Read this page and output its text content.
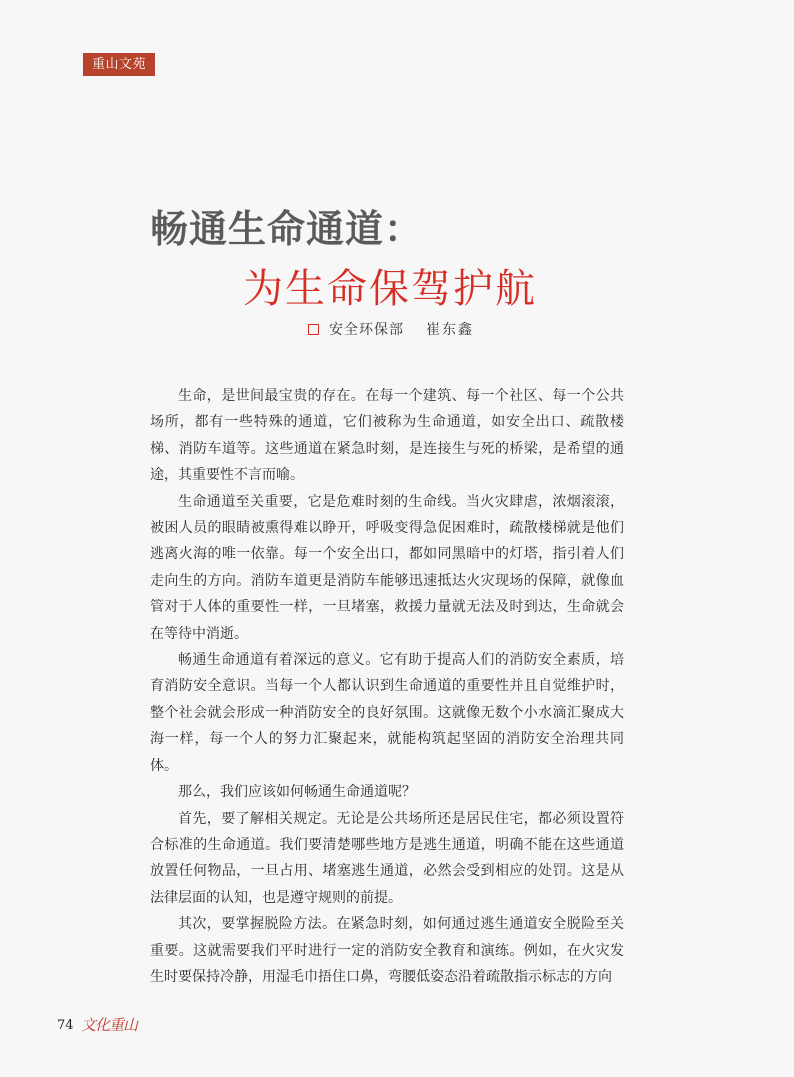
重山文苑
畅通生命通道：
为生命保驾护航
安全环保部 崔东鑫

生命，是世间最宝贵的存在。在每一个建筑、每一个社区、每一个公共场所，都有一些特殊的通道，它们被称为生命通道，如安全出口、疏散楼梯、消防车道等。这些通道在紧急时刻，是连接生与死的桥梁，是希望的通途，其重要性不言而喻。

生命通道至关重要，它是危难时刻的生命线。当火灾肆虐，浓烟滚滚，被困人员的眼睛被熏得难以睁开，呼吸变得急促困难时，疏散楼梯就是他们逃离火海的唯一依靠。每一个安全出口，都如同黑暗中的灯塔，指引着人们走向生的方向。消防车道更是消防车能够迅速抵达火灾现场的保障，就像血管对于人体的重要性一样，一旦堵塞，救援力量就无法及时到达，生命就会在等待中消逝。

畅通生命通道有着深远的意义。它有助于提高人们的消防安全素质，培育消防安全意识。当每一个人都认识到生命通道的重要性并且自觉维护时，整个社会就会形成一种消防安全的良好氛围。这就像无数个小水滴汇聚成大海一样，每一个人的努力汇聚起来，就能构筑起坚固的消防安全治理共同体。

那么，我们应该如何畅通生命通道呢？

首先，要了解相关规定。无论是公共场所还是居民住宅，都必须设置符合标准的生命通道。我们要清楚哪些地方是逃生通道，明确不能在这些通道放置任何物品，一旦占用、堵塞逃生通道，必然会受到相应的处罚。这是从法律层面的认知，也是遵守规则的前提。

其次，要掌握脱险方法。在紧急时刻，如何通过逃生通道安全脱险至关重要。这就需要我们平时进行一定的消防安全教育和演练。例如，在火灾发生时要保持冷静，用湿毛巾捂住口鼻，弯腰低姿态沿着疏散指示标志的方向

74 文化重山
